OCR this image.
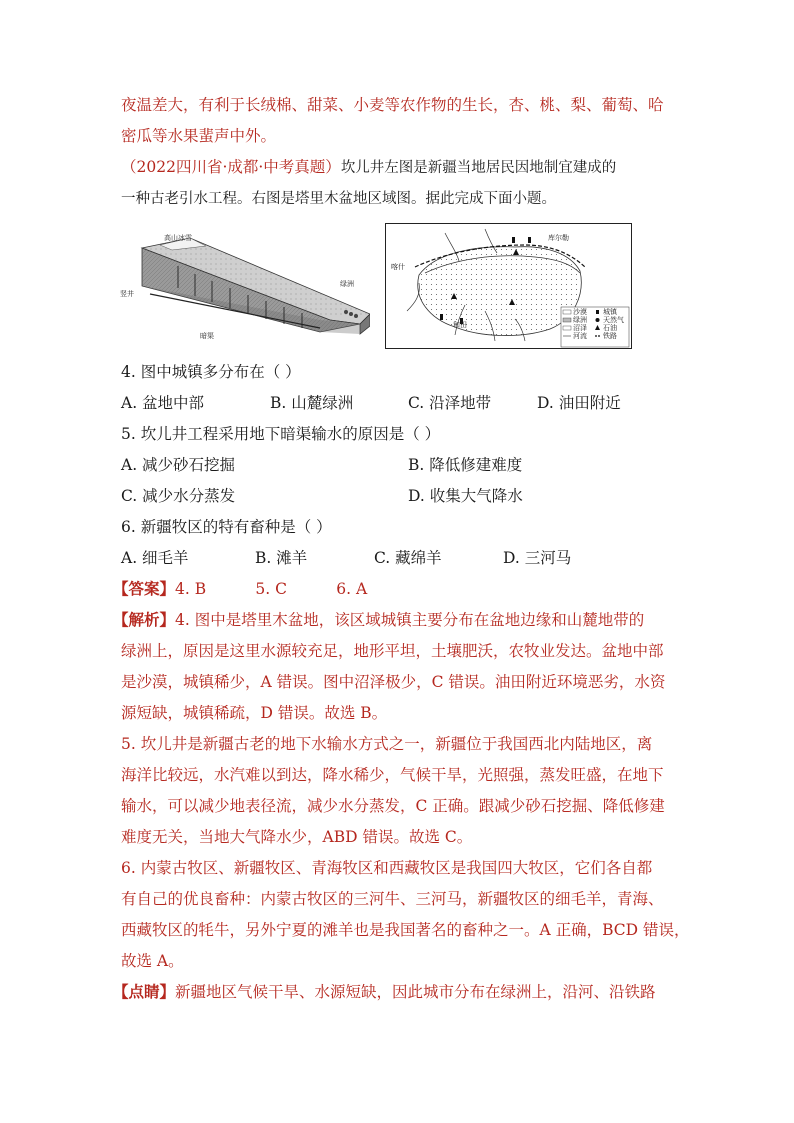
夜温差大，有利于长绒棉、甜菜、小麦等农作物的生长，杏、桃、梨、葡萄、哈
密瓜等水果蜚声中外。
（2022四川省·成都·中考真题）坎儿井左图是新疆当地居民因地制宜建成的
一种古老引水工程。右图是塔里木盆地区域图。据此完成下面小题。
高山冰雪
竖井
绿洲
暗渠
喀什
库尔勒
和田
沙漠
绿洲
沼泽
河流
城镇
天然气
石油
铁路
4. 图中城镇多分布在（ ）
A. 盆地中部	B. 山麓绿洲	C. 沿泽地带	D. 油田附近
5. 坎儿井工程采用地下暗渠输水的原因是（ ）
A. 减少砂石挖掘	B. 降低修建难度
C. 减少水分蒸发	D. 收集大气降水
6. 新疆牧区的特有畜种是（ ）
A. 细毛羊	B. 滩羊	C. 藏绵羊	D. 三河马
【答案】4. B          5. C          6. A
【解析】4. 图中是塔里木盆地，该区域城镇主要分布在盆地边缘和山麓地带的
绿洲上，原因是这里水源较充足，地形平坦，土壤肥沃，农牧业发达。盆地中部
是沙漠，城镇稀少，A 错误。图中沼泽极少，C 错误。油田附近环境恶劣，水资
源短缺，城镇稀疏，D 错误。故选 B。
5. 坎儿井是新疆古老的地下水输水方式之一，新疆位于我国西北内陆地区，离
海洋比较远，水汽难以到达，降水稀少，气候干旱，光照强，蒸发旺盛，在地下
输水，可以减少地表径流，减少水分蒸发，C 正确。跟减少砂石挖掘、降低修建
难度无关，当地大气降水少，ABD 错误。故选 C。
6. 内蒙古牧区、新疆牧区、青海牧区和西藏牧区是我国四大牧区，它们各自都
有自己的优良畜种：内蒙古牧区的三河牛、三河马，新疆牧区的细毛羊，青海、
西藏牧区的牦牛，另外宁夏的滩羊也是我国著名的畜种之一。A 正确，BCD 错误，
故选 A。
【点睛】新疆地区气候干旱、水源短缺，因此城市分布在绿洲上，沿河、沿铁路
